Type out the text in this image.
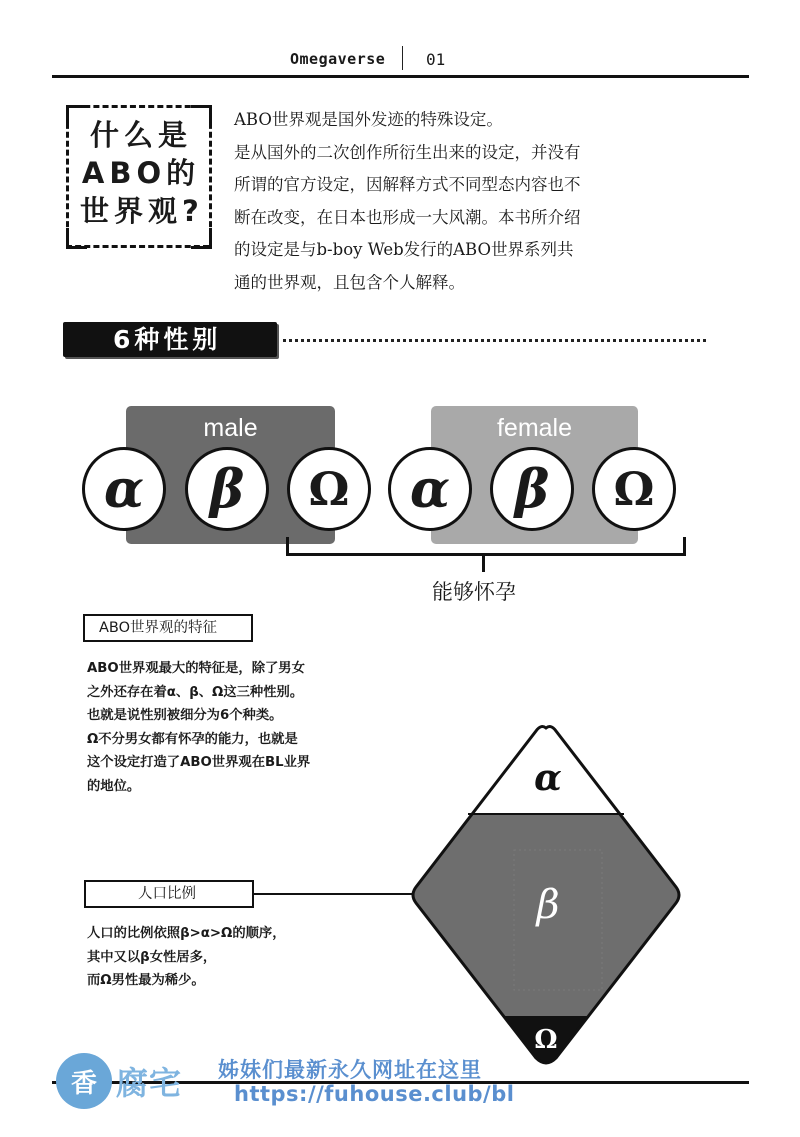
Omegaverse	01
什么是
ABO的
世界观?
ABO世界观是国外发迹的特殊设定。
是从国外的二次创作所衍生出来的设定，并没有
所谓的官方设定，因解释方式不同型态内容也不
断在改变，在日本也形成一大风潮。本书所介绍
的设定是与b-boy Web发行的ABO世界系列共
通的世界观，且包含个人解释。
6种性别
male	female
α	β	Ω	α	β	Ω
能够怀孕
ABO世界观的特征
ABO世界观最大的特征是，除了男女
之外还存在着α、β、Ω这三种性别。
也就是说性别被细分为6个种类。
Ω不分男女都有怀孕的能力，也就是
这个设定打造了ABO世界观在BL业界
的地位。
人口比例
人口的比例依照β>α>Ω的顺序，
其中又以β女性居多，
而Ω男性最为稀少。
α
β
Ω
香 腐宅 姊妹们最新永久网址在这里
https://fuhouse.club/bl
